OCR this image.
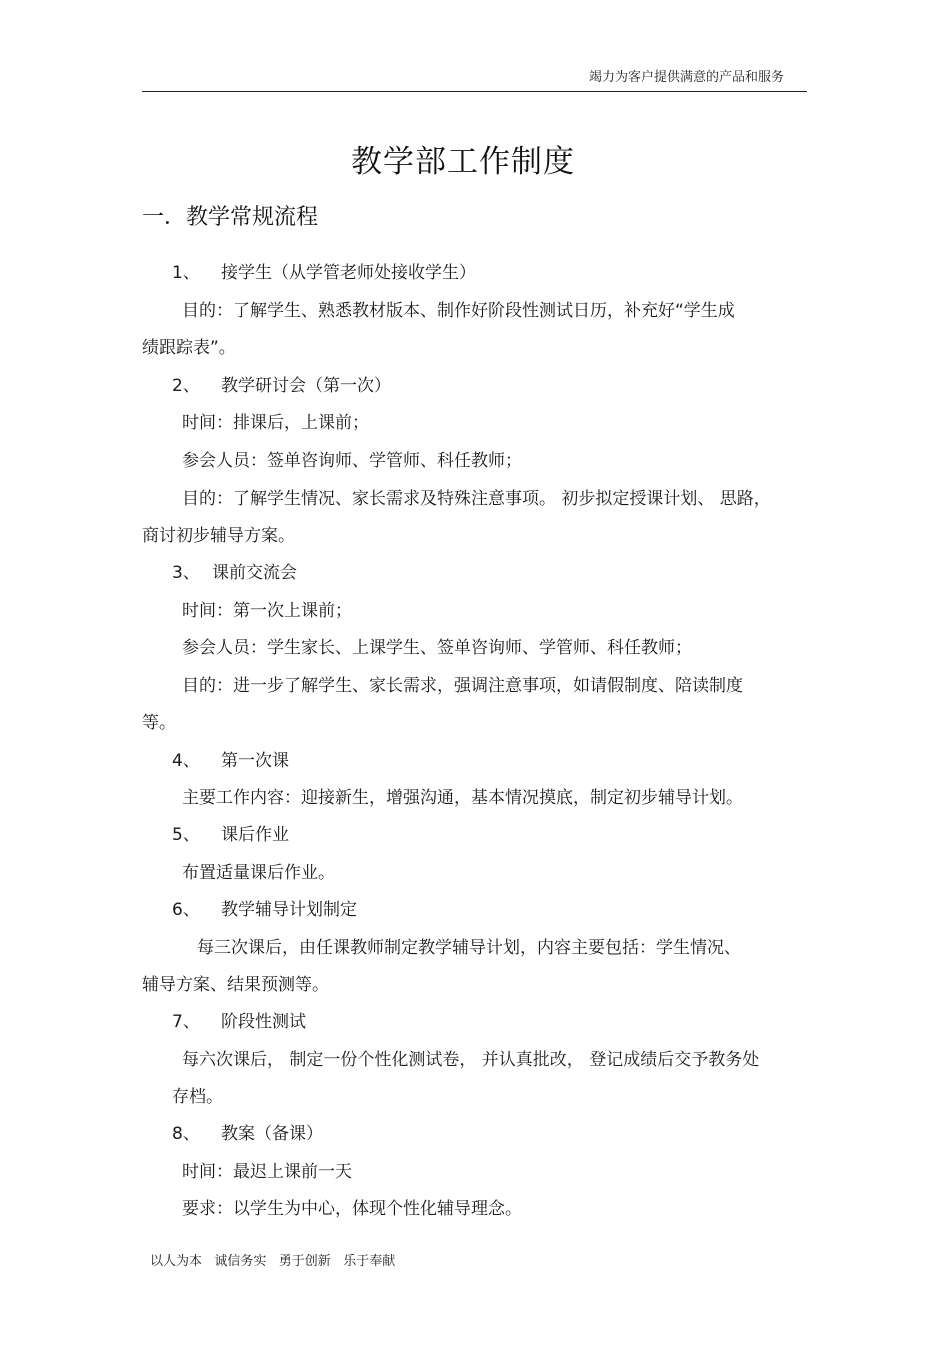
竭力为客户提供满意的产品和服务
教学部工作制度
一．教学常规流程
1、 接学生（从学管老师处接收学生）
目的：了解学生、熟悉教材版本、制作好阶段性测试日历，补充好“学生成
绩跟踪表”。
2、 教学研讨会（第一次）
时间：排课后，上课前；
参会人员：签单咨询师、学管师、科任教师；
目的：了解学生情况、家长需求及特殊注意事项。 初步拟定授课计划、 思路，
商讨初步辅导方案。
3、 课前交流会
时间：第一次上课前；
参会人员：学生家长、上课学生、签单咨询师、学管师、科任教师；
目的：进一步了解学生、家长需求，强调注意事项，如请假制度、陪读制度
等。
4、 第一次课
主要工作内容：迎接新生，增强沟通，基本情况摸底，制定初步辅导计划。
5、 课后作业
布置适量课后作业。
6、 教学辅导计划制定
每三次课后，由任课教师制定教学辅导计划，内容主要包括：学生情况、
辅导方案、结果预测等。
7、 阶段性测试
每六次课后， 制定一份个性化测试卷， 并认真批改， 登记成绩后交予教务处
存档。
8、 教案（备课）
时间：最迟上课前一天
要求：以学生为中心，体现个性化辅导理念。
以人为本   诚信务实   勇于创新   乐于奉献
